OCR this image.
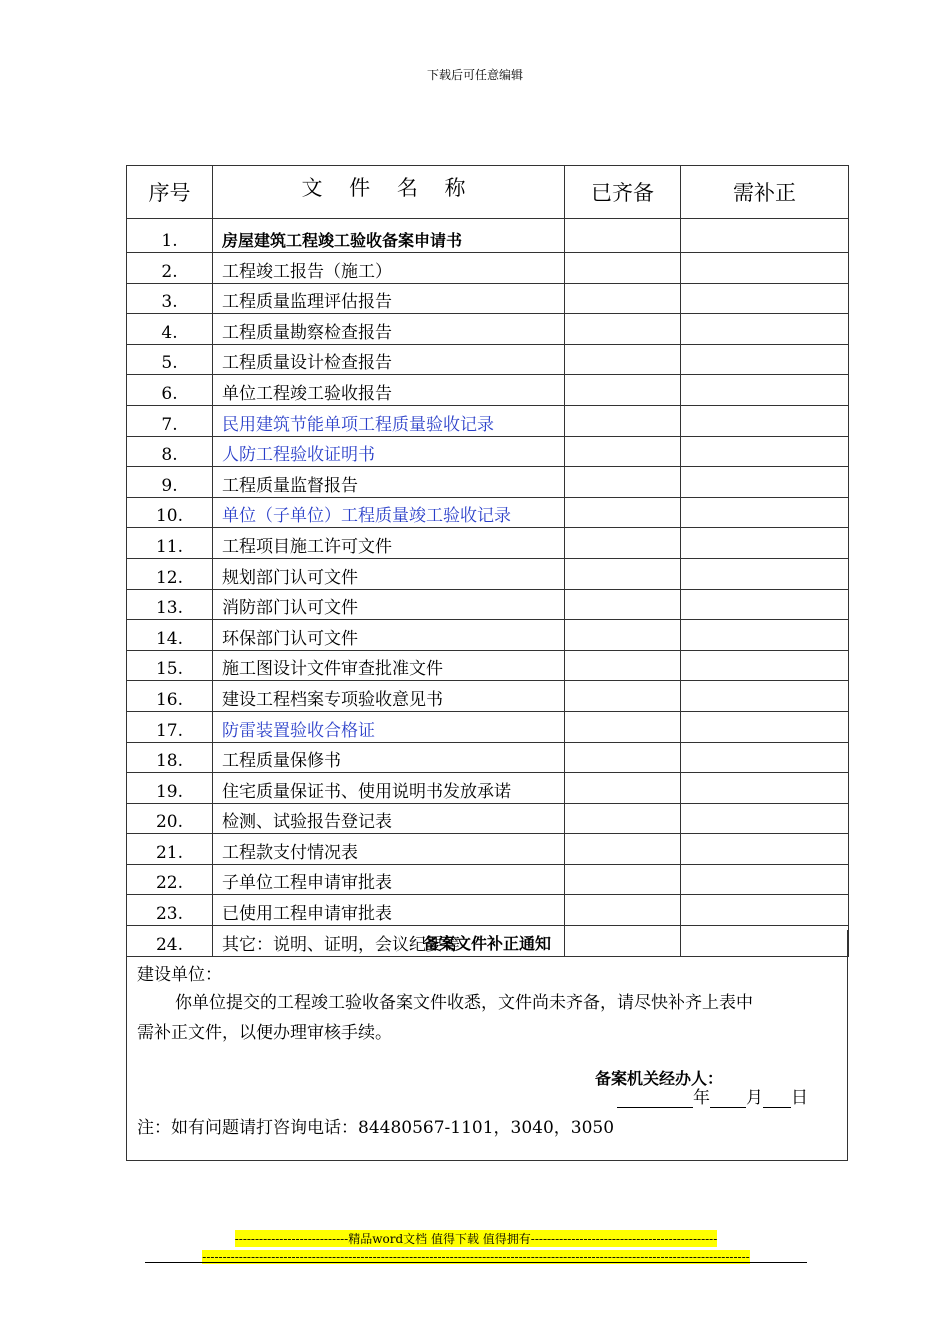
下载后可任意编辑
序号	文 件 名 称	已齐备	需补正
1.	房屋建筑工程竣工验收备案申请书		
2.	工程竣工报告（施工）		
3.	工程质量监理评估报告		
4.	工程质量勘察检查报告		
5.	工程质量设计检查报告		
6.	单位工程竣工验收报告		
7.	民用建筑节能单项工程质量验收记录		
8.	人防工程验收证明书		
9.	工程质量监督报告		
10.	单位（子单位）工程质量竣工验收记录		
11.	工程项目施工许可文件		
12.	规划部门认可文件		
13.	消防部门认可文件		
14.	环保部门认可文件		
15.	施工图设计文件审查批准文件		
16.	建设工程档案专项验收意见书		
17.	防雷装置验收合格证		
18.	工程质量保修书		
19.	住宅质量保证书、使用说明书发放承诺		
20.	检测、试验报告登记表		
21.	工程款支付情况表		
22.	子单位工程申请审批表		
23.	已使用工程申请审批表		
24.	其它：说明、证明，会议纪要等		
备案文件补正通知
建设单位：
你单位提交的工程竣工验收备案文件收悉，文件尚未齐备，请尽快补齐上表中
需补正文件，以便办理审核手续。
备案机关经办人：
年 月 日
注：如有问题请打咨询电话：84480567-1101，3040，3050
----------------------------精品word文档 值得下载 值得拥有----------------------------------------------
---------------------------------------------------------------------------------------------------------------------------------------
